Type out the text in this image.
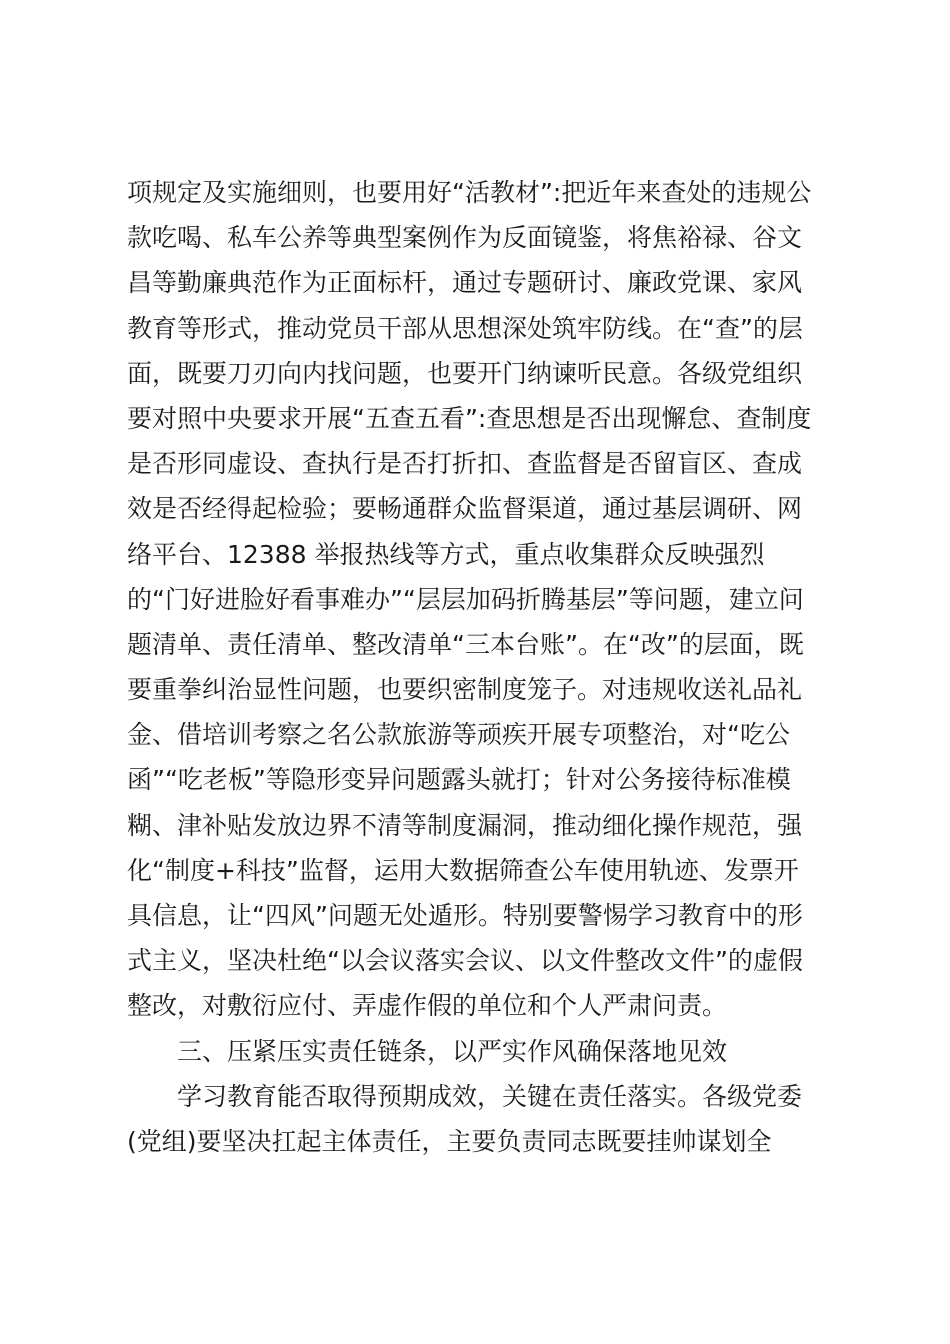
项规定及实施细则，也要用好“活教材”:把近年来查处的违规公
款吃喝、私车公养等典型案例作为反面镜鉴，将焦裕禄、谷文
昌等勤廉典范作为正面标杆，通过专题研讨、廉政党课、家风
教育等形式，推动党员干部从思想深处筑牢防线。在“查”的层
面，既要刀刃向内找问题，也要开门纳谏听民意。各级党组织
要对照中央要求开展“五查五看”:查思想是否出现懈怠、查制度
是否形同虚设、查执行是否打折扣、查监督是否留盲区、查成
效是否经得起检验；要畅通群众监督渠道，通过基层调研、网
络平台、12388 举报热线等方式，重点收集群众反映强烈
的“门好进脸好看事难办”“层层加码折腾基层”等问题，建立问
题清单、责任清单、整改清单“三本台账”。在“改”的层面，既
要重拳纠治显性问题，也要织密制度笼子。对违规收送礼品礼
金、借培训考察之名公款旅游等顽疾开展专项整治，对“吃公
函”“吃老板”等隐形变异问题露头就打；针对公务接待标准模
糊、津补贴发放边界不清等制度漏洞，推动细化操作规范，强
化“制度+科技”监督，运用大数据筛查公车使用轨迹、发票开
具信息，让“四风”问题无处遁形。特别要警惕学习教育中的形
式主义，坚决杜绝“以会议落实会议、以文件整改文件”的虚假
整改，对敷衍应付、弄虚作假的单位和个人严肃问责。
三、压紧压实责任链条，以严实作风确保落地见效
学习教育能否取得预期成效，关键在责任落实。各级党委
(党组)要坚决扛起主体责任，主要负责同志既要挂帅谋划全
